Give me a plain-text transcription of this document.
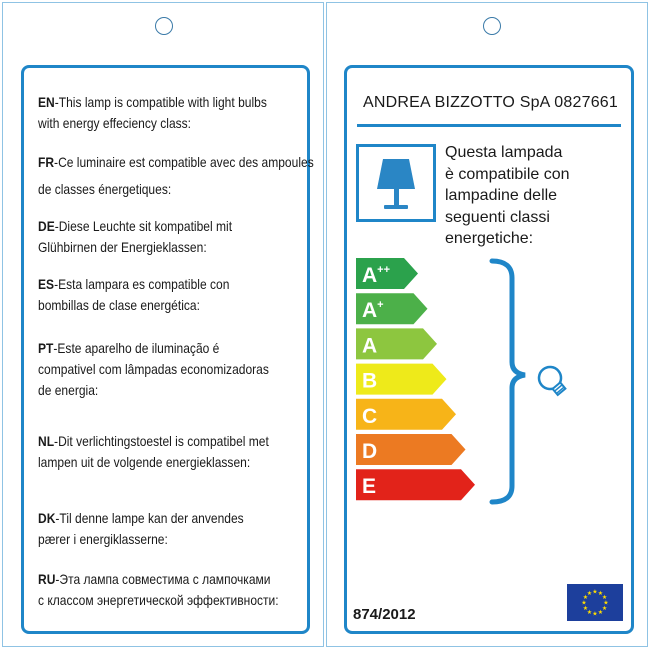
EN-This lamp is compatible with light bulbs
with energy effeciency class:
FR-Ce luminaire est compatible avec des ampoules
de classes énergetiques:
DE-Diese Leuchte sit kompatibel mit
Glühbirnen der Energieklassen:
ES-Esta lampara es compatible con
bombillas de clase energética:
PT-Este aparelho de iluminação é
compativel com lâmpadas economizadoras
de energia:
NL-Dit verlichtingstoestel is compatibel met
lampen uit de volgende energieklassen:
DK-Til denne lampe kan der anvendes
pærer i energiklasserne:
RU-Эта лампа совместима с лампочками
с классом энергетической эффективности:
ANDREA BIZZOTTO SpA 0827661
Questa lampada
è compatibile con
lampadine delle
seguenti classi
energetiche:
A++
A+
A
B
C
D
E
874/2012
★
★
★
★
★
★
★
★
★ ★ ★
★
